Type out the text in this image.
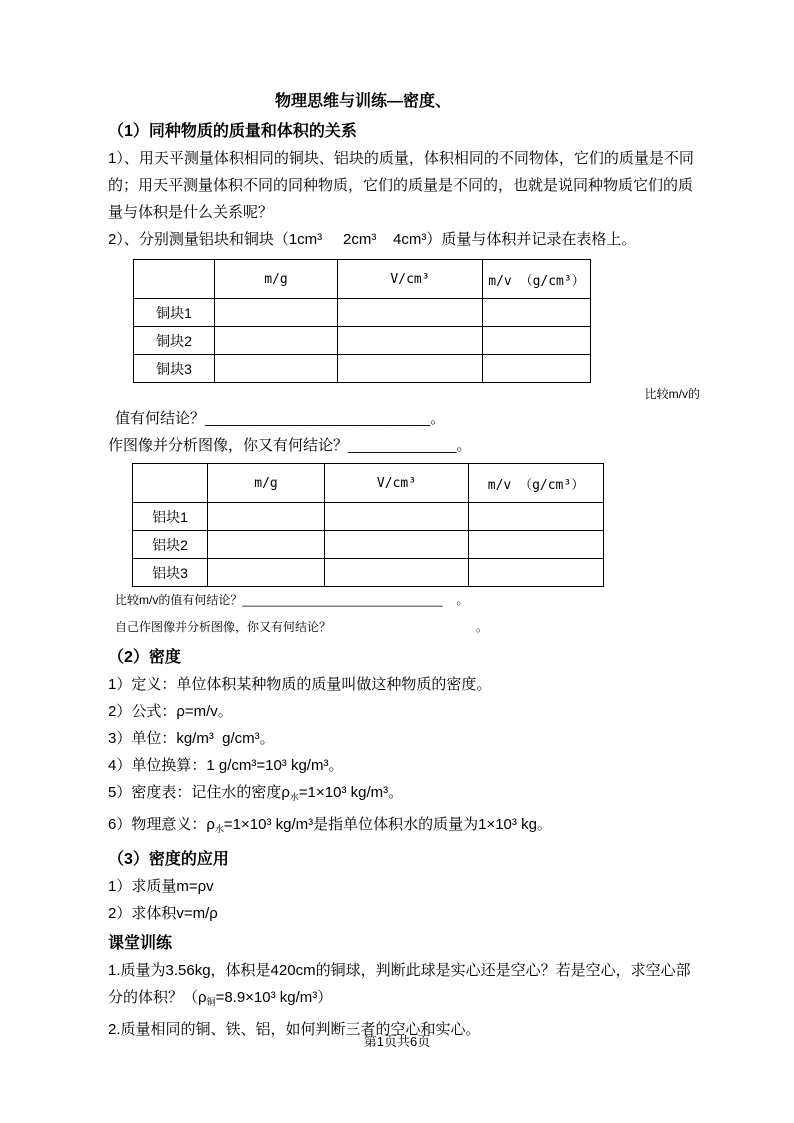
物理思维与训练—密度、
（1）同种物质的质量和体积的关系

1）、用天平测量体积相同的铜块、铝块的质量，体积相同的不同物体，它们的质量是不同的；用天平测量体积不同的同种物质，它们的质量是不同的，也就是说同种物质它们的质量与体积是什么关系呢？

2）、分别测量铝块和铜块（1cm³     2cm³    4cm³）质量与体积并记录在表格上。

	m/g	V/cm³	m/v （g/cm³）
铜块1			
铜块2			
铜块3			
比较m/v的
值有何结论？___________________________。
作图像并分析图像，你又有何结论？_____________。
	m/g	V/cm³	m/v （g/cm³）
铝块1			
铝块2			
铝块3			
比较m/v的值有何结论？______________________________ 。
自己作图像并分析图像，你又有何结论？	。
（2）密度
1）定义：单位体积某种物质的质量叫做这种物质的密度。
2）公式：ρ=m/v。
3）单位：kg/m³  g/cm³。
4）单位换算：1 g/cm³=10³ kg/m³。
5）密度表：记住水的密度$\rho_水=1\times 10^3$ kg/m³。
6）物理意义：$\rho_水=1\times 10^3$ kg/m³是指单位体积水的质量为1×10³ kg。
（3）密度的应用
1）求质量m=ρv
2）求体积v=m/ρ
课堂训练
1.质量为3.56kg，体积是420cm的铜球，判断此球是实心还是空心？若是空心，求空心部分的体积？（$\rho_铜=8.9\times 10^3$ kg/m³）
2.质量相同的铜、铁、铝，如何判断三者的空心和实心。
第1页共6页
